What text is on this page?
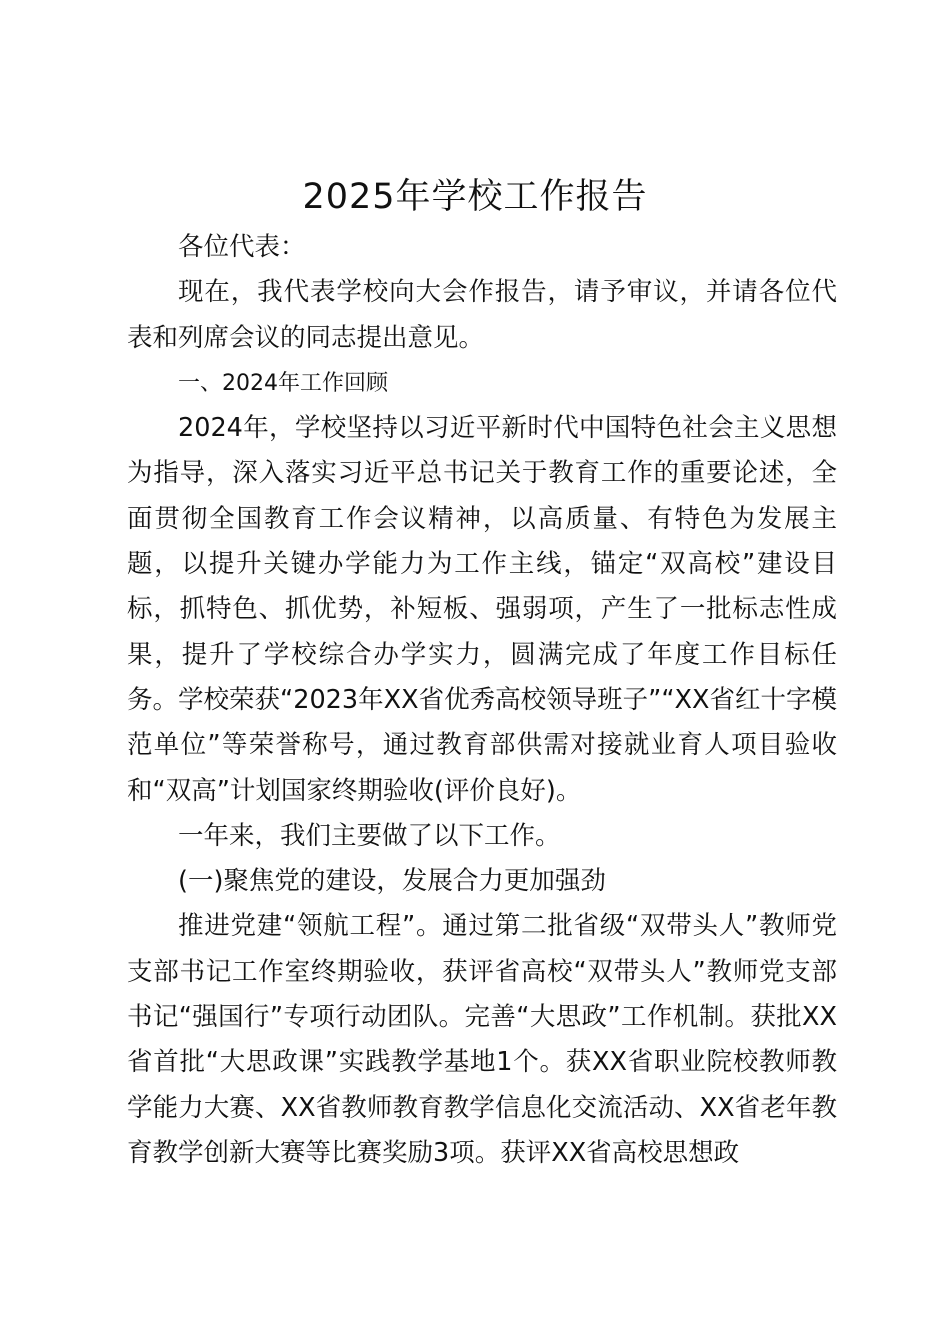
2025年学校工作报告

各位代表：

现在，我代表学校向大会作报告，请予审议，并请各位代表和列席会议的同志提出意见。

一、2024年工作回顾

2024年，学校坚持以习近平新时代中国特色社会主义思想为指导，深入落实习近平总书记关于教育工作的重要论述，全面贯彻全国教育工作会议精神，以高质量、有特色为发展主题，以提升关键办学能力为工作主线，锚定“双高校”建设目标，抓特色、抓优势，补短板、强弱项，产生了一批标志性成果，提升了学校综合办学实力，圆满完成了年度工作目标任务。学校荣获“2023年XX省优秀高校领导班子”“XX省红十字模范单位”等荣誉称号，通过教育部供需对接就业育人项目验收和“双高”计划国家终期验收(评价良好)。

一年来，我们主要做了以下工作。

(一)聚焦党的建设，发展合力更加强劲

推进党建“领航工程”。通过第二批省级“双带头人”教师党支部书记工作室终期验收，获评省高校“双带头人”教师党支部书记“强国行”专项行动团队。完善“大思政”工作机制。获批XX省首批“大思政课”实践教学基地1个。获XX省职业院校教师教学能力大赛、XX省教师教育教学信息化交流活动、XX省老年教育教学创新大赛等比赛奖励3项。获评XX省高校思想政
